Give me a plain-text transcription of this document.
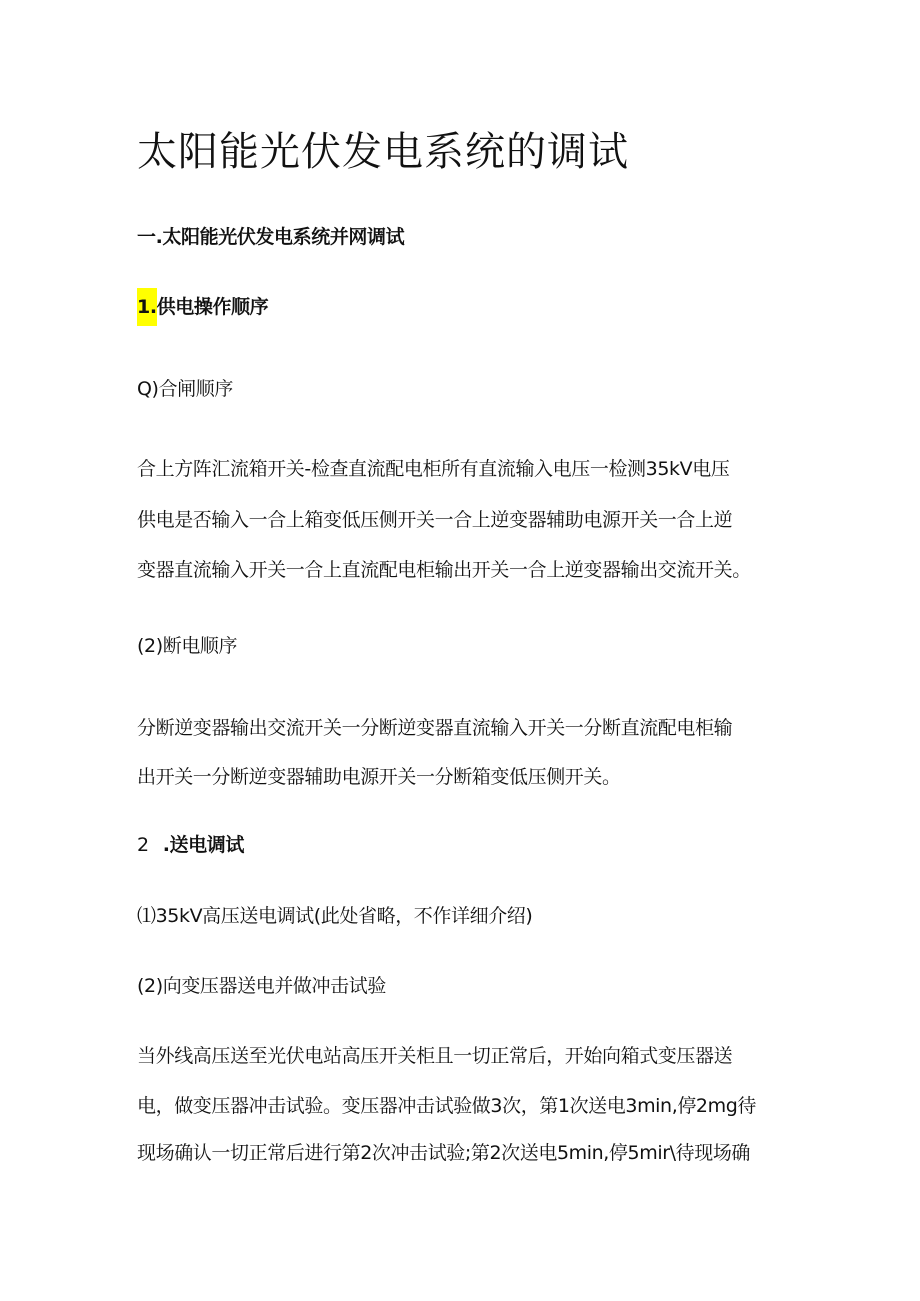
太阳能光伏发电系统的调试
一.太阳能光伏发电系统并网调试
1.供电操作顺序
Q)合闸顺序
合上方阵汇流箱开关-检查直流配电柜所有直流输入电压一检测35kV电压
供电是否输入一合上箱变低压侧开关一合上逆变器辅助电源开关一合上逆
变器直流输入开关一合上直流配电柜输出开关一合上逆变器输出交流开关。
(2)断电顺序
分断逆变器输出交流开关一分断逆变器直流输入开关一分断直流配电柜输
出开关一分断逆变器辅助电源开关一分断箱变低压侧开关。
2 .送电调试
⑴35kV高压送电调试(此处省略，不作详细介绍)
(2)向变压器送电并做冲击试验
当外线高压送至光伏电站高压开关柜且一切正常后，开始向箱式变压器送
电，做变压器冲击试验。变压器冲击试验做3次，第1次送电3min,停2mg待
现场确认一切正常后进行第2次冲击试验;第2次送电5min,停5mir\待现场确
